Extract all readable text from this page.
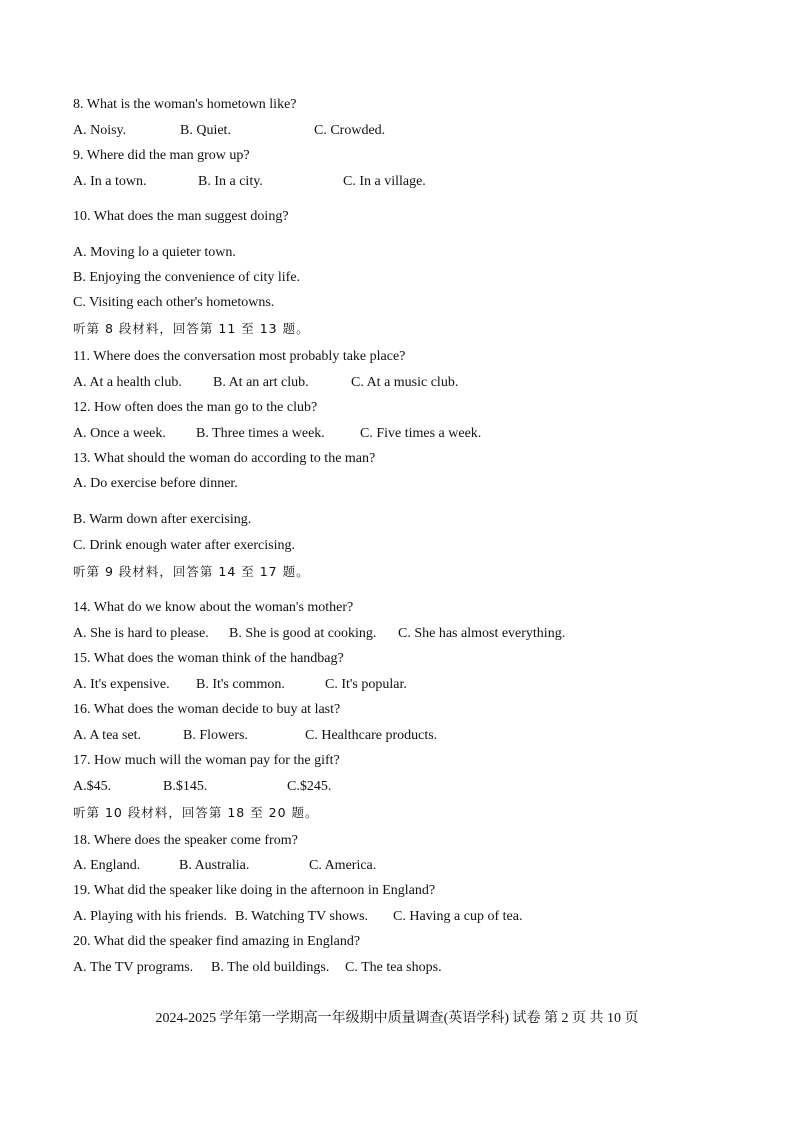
8. What is the woman's hometown like?
A. Noisy.	B. Quiet.	C. Crowded.
9. Where did the man grow up?
A. In a town.	B. In a city.	C. In a village.
10. What does the man suggest doing?
A. Moving lo a quieter town.
B. Enjoying the convenience of city life.
C. Visiting each other's hometowns.
听第 8 段材料，回答第 11 至 13 题。
11. Where does the conversation most probably take place?
A. At a health club. B. At an art club.	C. At a music club.
12. How often does the man go to the club?
A. Once a week. B. Three times a week.	C. Five times a week.
13. What should the woman do according to the man?
A. Do exercise before dinner.
B. Warm down after exercising.
C. Drink enough water after exercising.
听第 9 段材料，回答第 14 至 17 题。
14. What do we know about the woman's mother?
A. She is hard to please. B. She is good at cooking. C. She has almost everything.
15. What does the woman think of the handbag?
A. It's expensive. B. It's common.	C. It's popular.
16. What does the woman decide to buy at last?
A. A tea set.	B. Flowers.	C. Healthcare products.
17. How much will the woman pay for the gift?
A.$45.	B.$145.	C.$245.
听第 10 段材料，回答第 18 至 20 题。
18. Where does the speaker come from?
A. England.	B. Australia.	C. America.
19. What did the speaker like doing in the afternoon in England?
A. Playing with his friends. B. Watching TV shows. C. Having a cup of tea.
20. What did the speaker find amazing in England?
A. The TV programs. B. The old buildings. C. The tea shops.
2024-2025 学年第一学期高一年级期中质量调查(英语学科) 试卷 第 2 页 共 10 页
